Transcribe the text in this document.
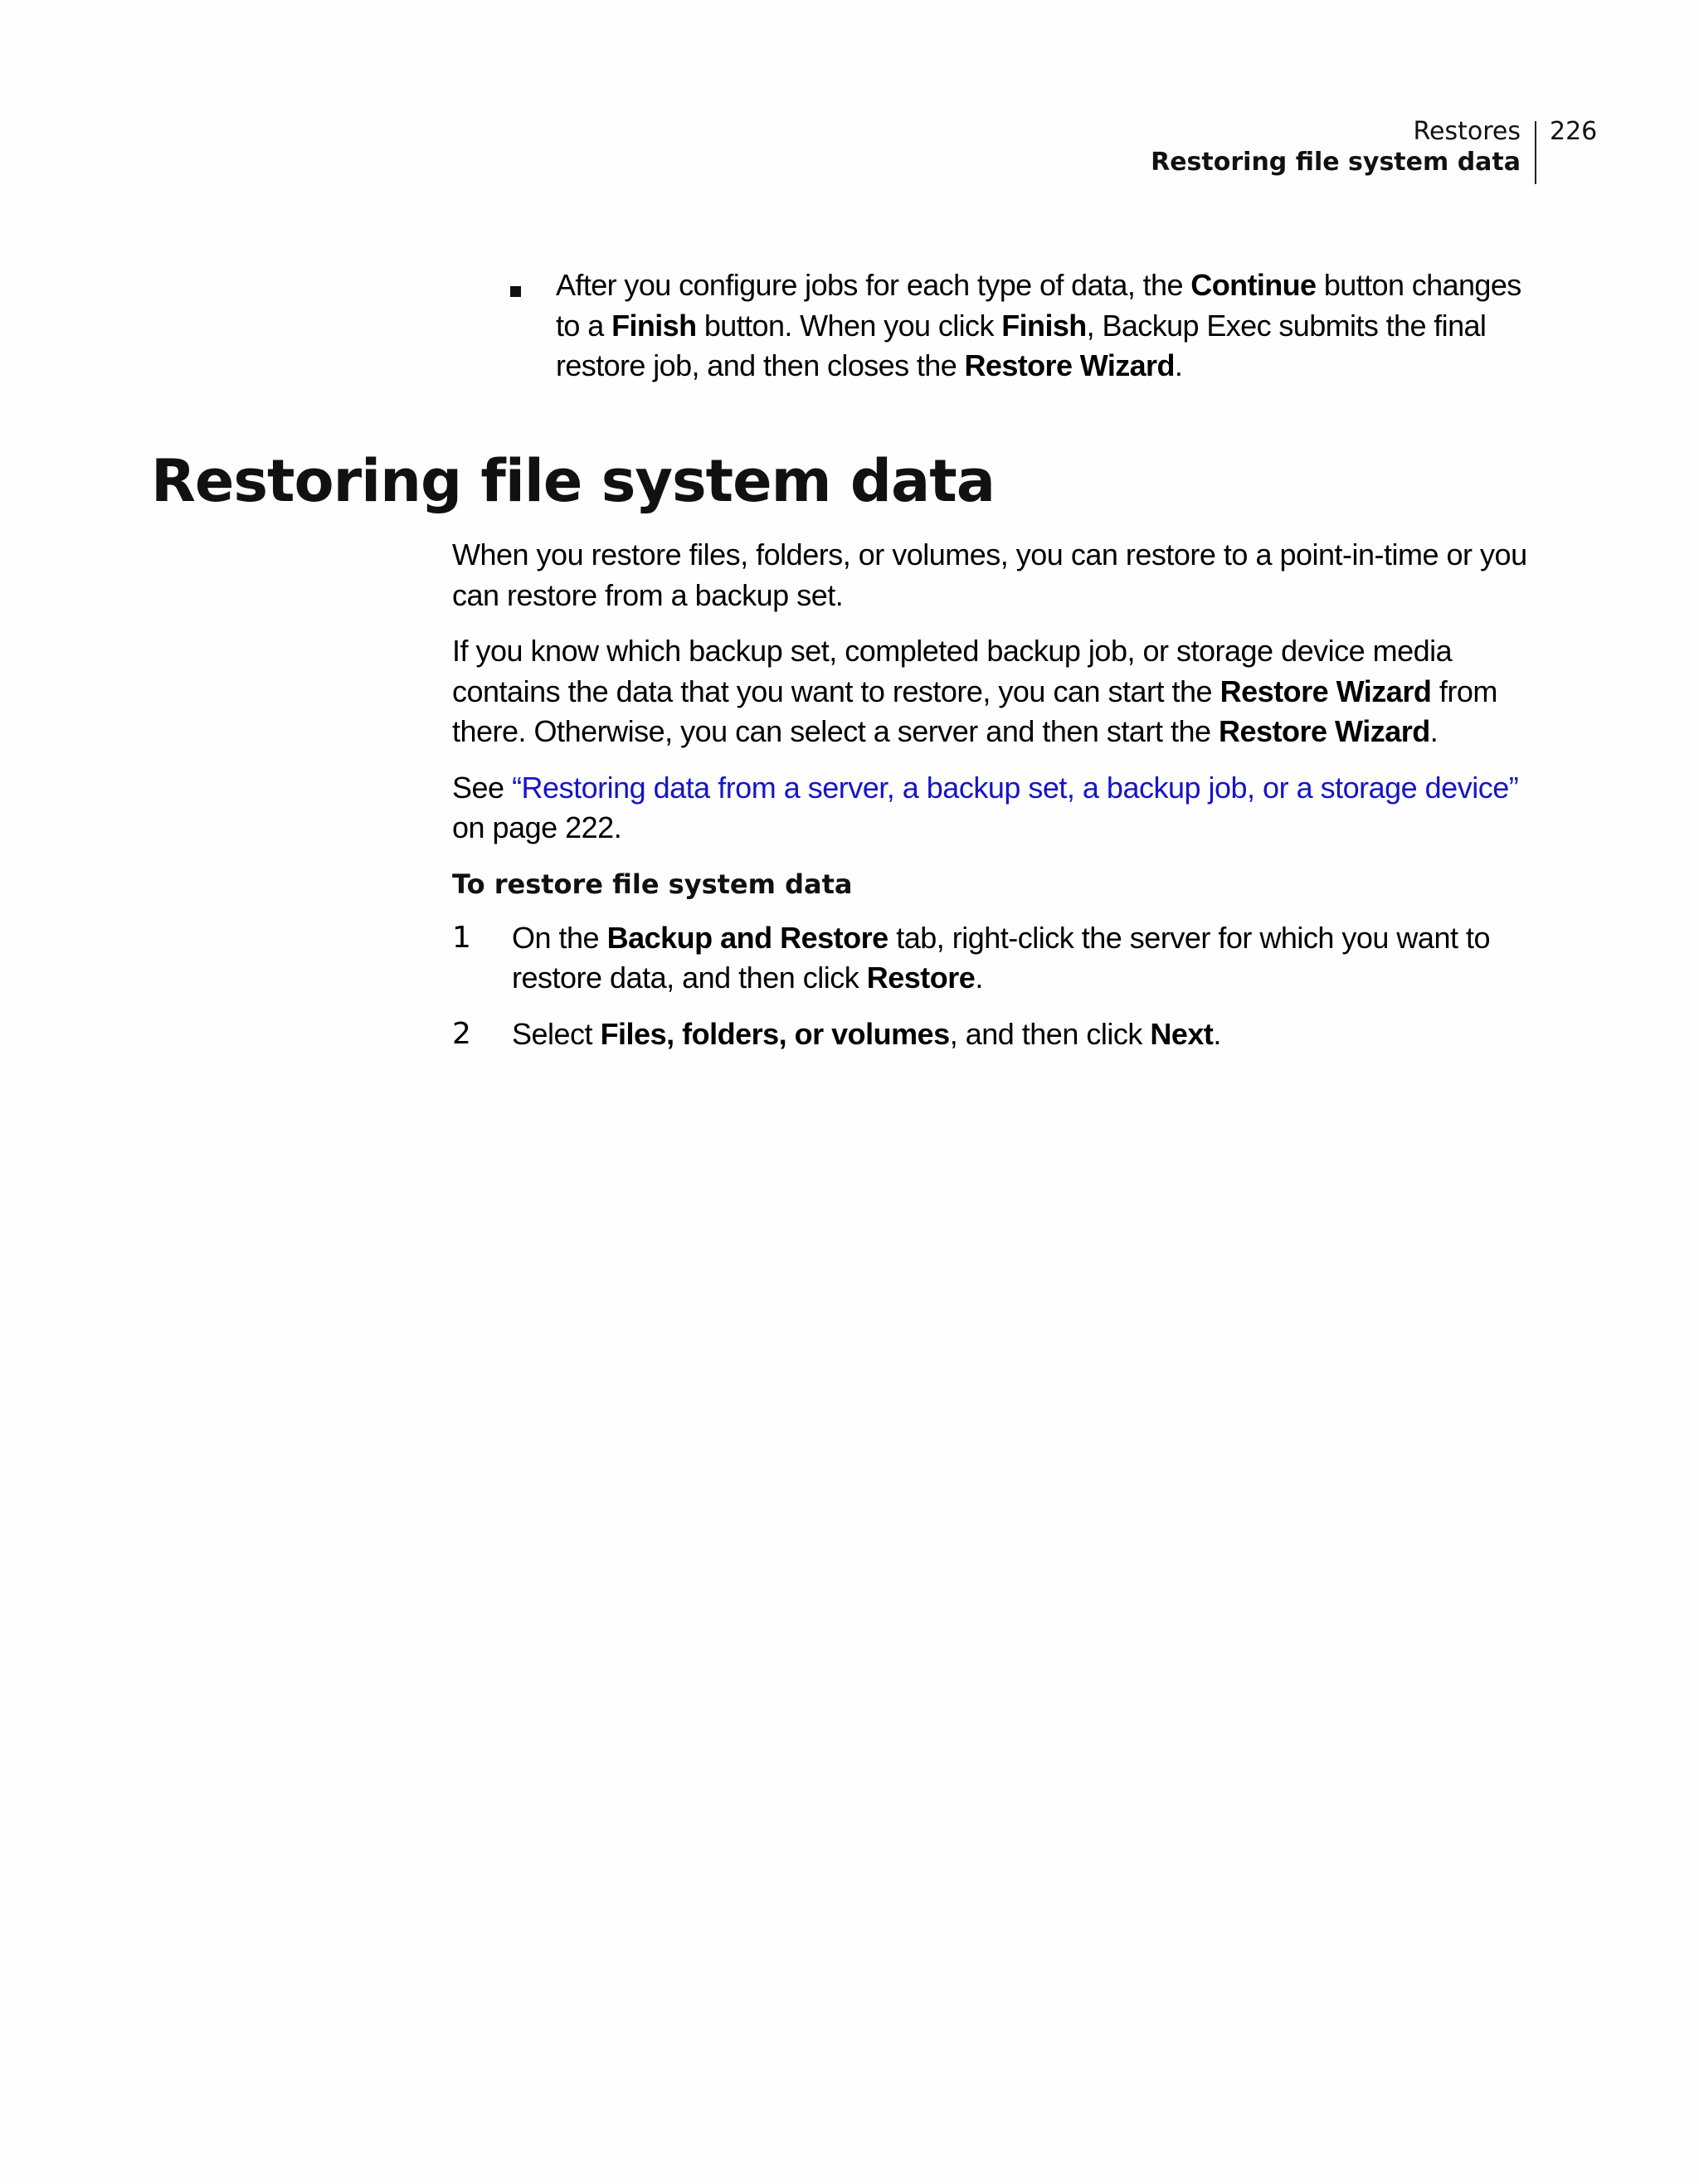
Restores
Restoring file system data
226
After you configure jobs for each type of data, the Continue button changes to a Finish button. When you click Finish, Backup Exec submits the final restore job, and then closes the Restore Wizard.
Restoring file system data

When you restore files, folders, or volumes, you can restore to a point-in-time or you can restore from a backup set.

If you know which backup set, completed backup job, or storage device media contains the data that you want to restore, you can start the Restore Wizard from there. Otherwise, you can select a server and then start the Restore Wizard.

See “Restoring data from a server, a backup set, a backup job, or a storage device” on page 222.

To restore file system data
1 On the Backup and Restore tab, right-click the server for which you want to restore data, and then click Restore.
2 Select Files, folders, or volumes, and then click Next.
